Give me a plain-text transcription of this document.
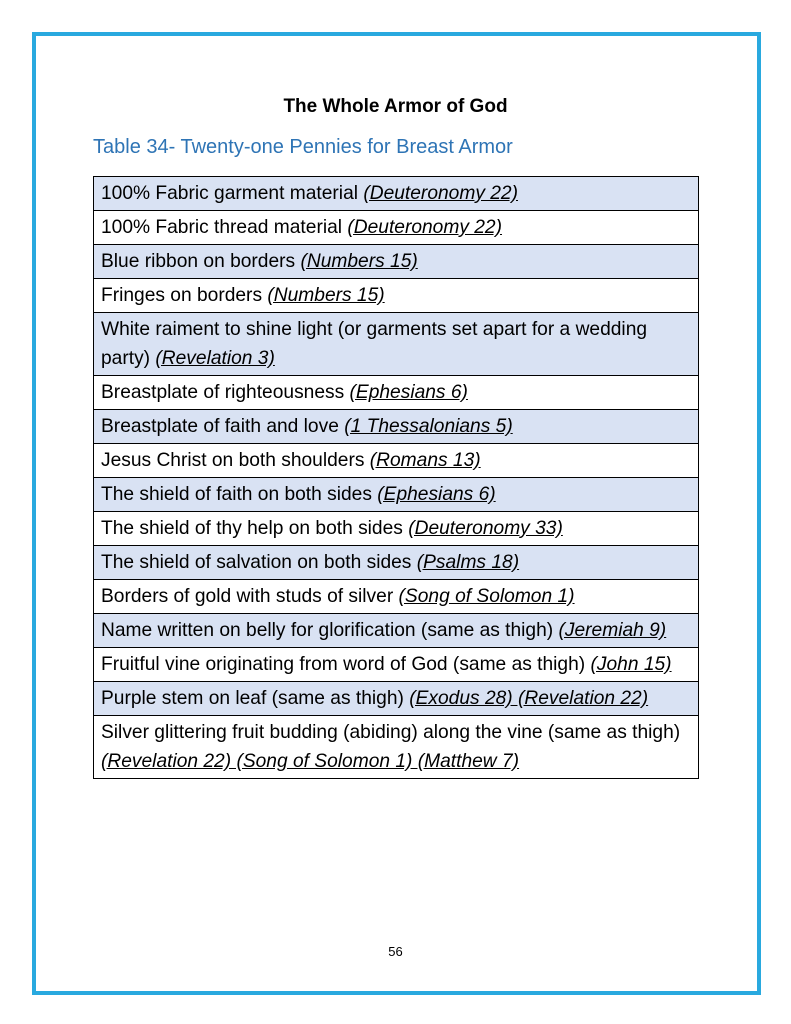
The Whole Armor of God
Table 34- Twenty-one Pennies for Breast Armor
100% Fabric garment material (Deuteronomy 22)
100% Fabric thread material (Deuteronomy 22)
Blue ribbon on borders (Numbers 15)
Fringes on borders (Numbers 15)
White raiment to shine light (or garments set apart for a wedding party) (Revelation 3)
Breastplate of righteousness (Ephesians 6)
Breastplate of faith and love (1 Thessalonians 5)
Jesus Christ on both shoulders (Romans 13)
The shield of faith on both sides (Ephesians 6)
The shield of thy help on both sides (Deuteronomy 33)
The shield of salvation on both sides (Psalms 18)
Borders of gold with studs of silver (Song of Solomon 1)
Name written on belly for glorification (same as thigh) (Jeremiah 9)
Fruitful vine originating from word of God (same as thigh) (John 15)
Purple stem on leaf (same as thigh) (Exodus 28) (Revelation 22)
Silver glittering fruit budding (abiding) along the vine (same as thigh) (Revelation 22) (Song of Solomon 1) (Matthew 7)
56
